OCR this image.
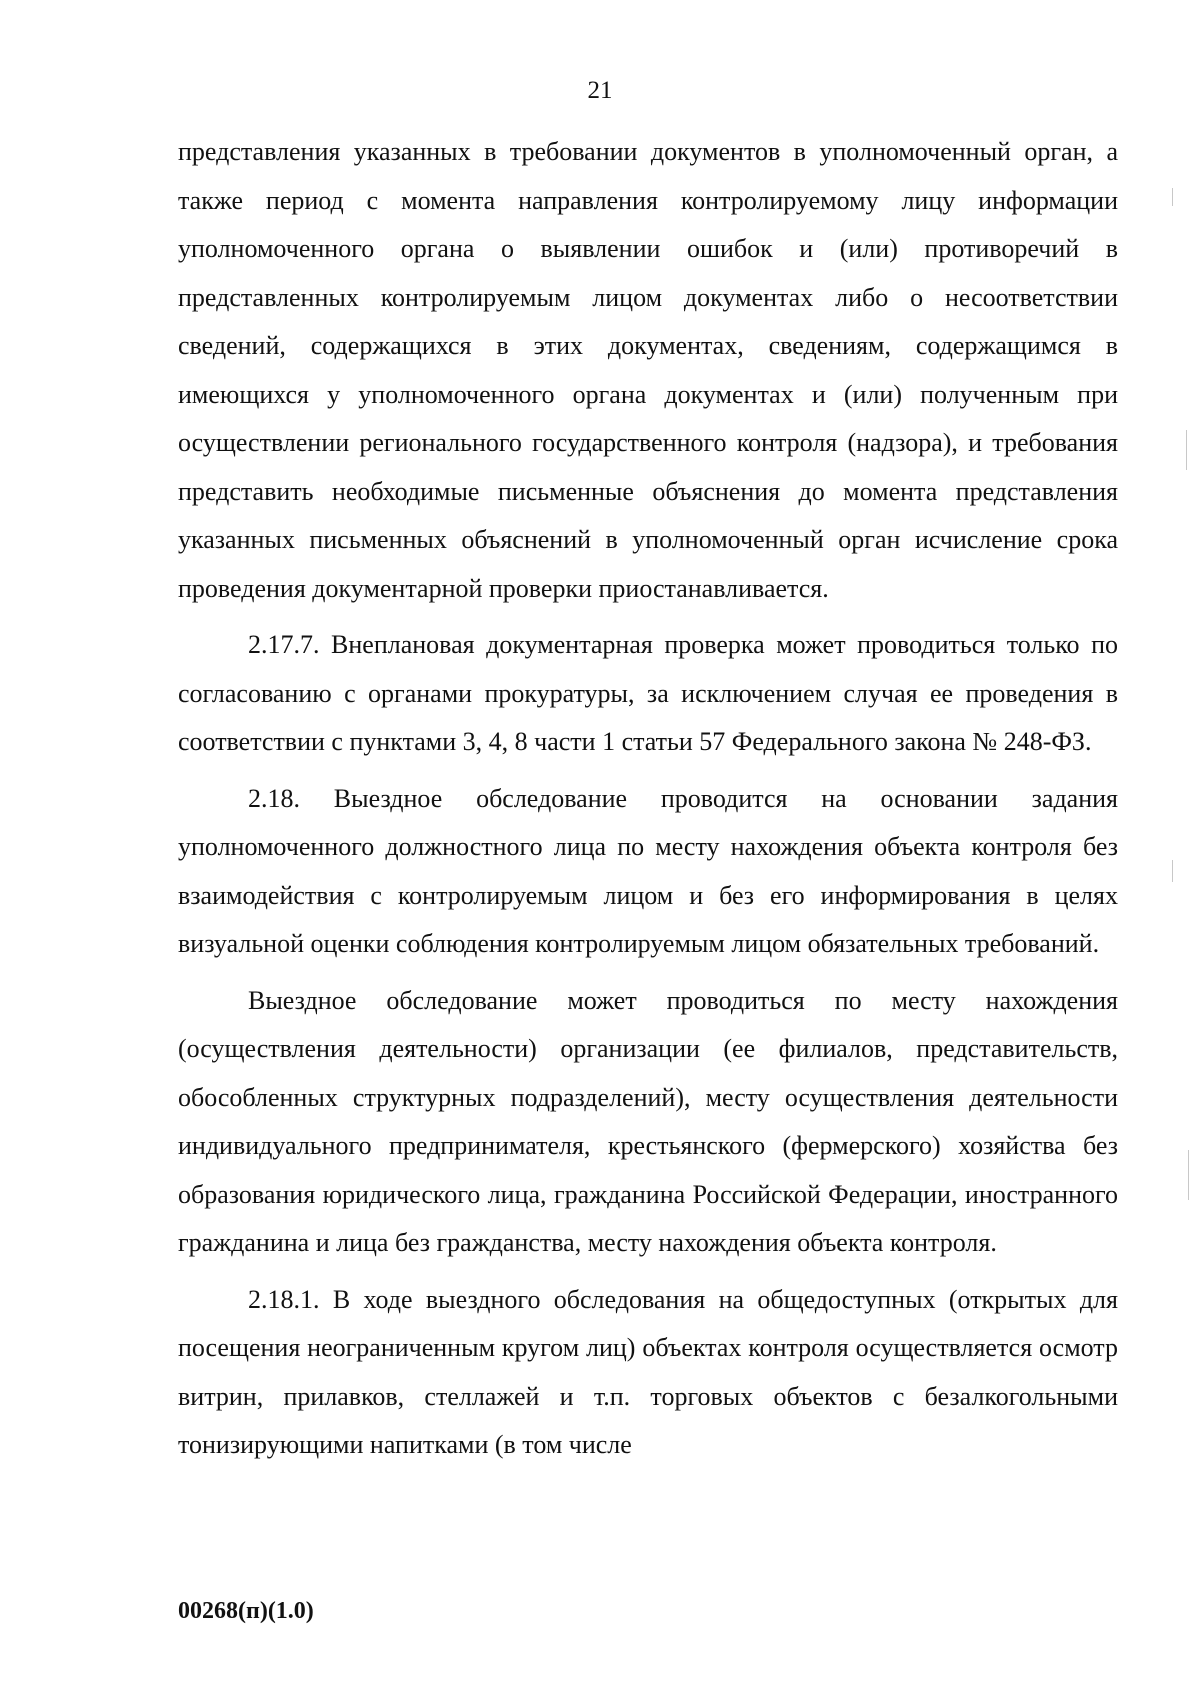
21

представления указанных в требовании документов в уполномоченный орган, а также период с момента направления контролируемому лицу информации уполномоченного органа о выявлении ошибок и (или) противоречий в представленных контролируемым лицом документах либо о несоответствии сведений, содержащихся в этих документах, сведениям, содержащимся в имеющихся у уполномоченного органа документах и (или) полученным при осуществлении регионального государственного контроля (надзора), и требования представить необходимые письменные объяснения до момента представления указанных письменных объяснений в уполномоченный орган исчисление срока проведения документарной проверки приостанавливается.

2.17.7. Внеплановая документарная проверка может проводиться только по согласованию с органами прокуратуры, за исключением случая ее проведения в соответствии с пунктами 3, 4, 8 части 1 статьи 57 Федерального закона № 248-ФЗ.

2.18. Выездное обследование проводится на основании задания уполномоченного должностного лица по месту нахождения объекта контроля без взаимодействия с контролируемым лицом и без его информирования в целях визуальной оценки соблюдения контролируемым лицом обязательных требований.

Выездное обследование может проводиться по месту нахождения (осуществления деятельности) организации (ее филиалов, представительств, обособленных структурных подразделений), месту осуществления деятельности индивидуального предпринимателя, крестьянского (фермерского) хозяйства без образования юридического лица, гражданина Российской Федерации, иностранного гражданина и лица без гражданства, месту нахождения объекта контроля.

2.18.1. В ходе выездного обследования на общедоступных (открытых для посещения неограниченным кругом лиц) объектах контроля осуществляется осмотр витрин, прилавков, стеллажей и т.п. торговых объектов с безалкогольными тонизирующими напитками (в том числе

00268(п)(1.0)
